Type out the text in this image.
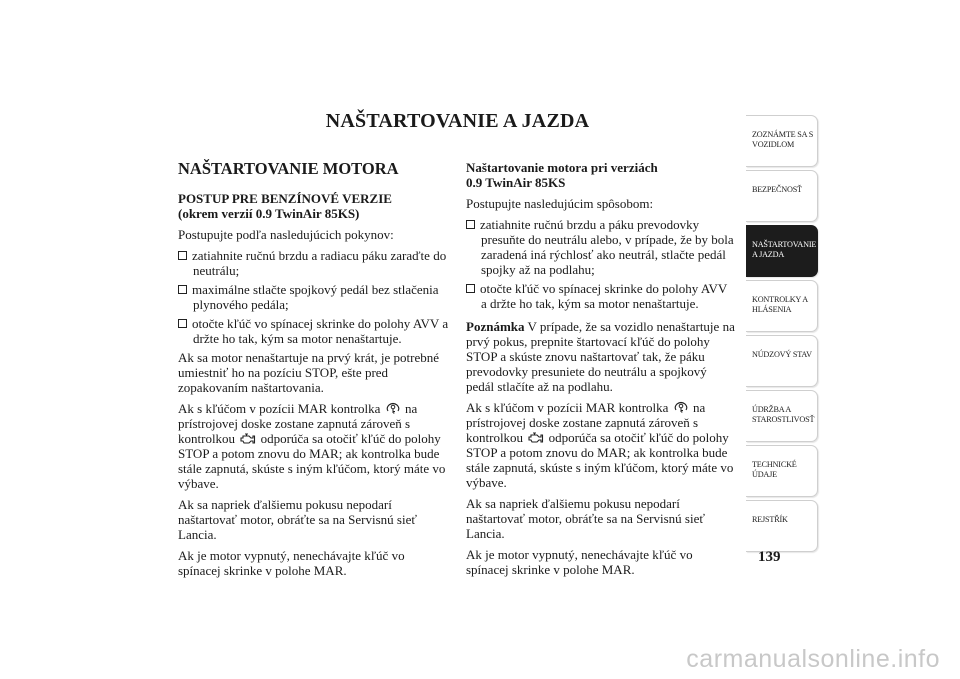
NAŠTARTOVANIE A JAZDA
NAŠTARTOVANIE MOTORA
POSTUP PRE BENZÍNOVÉ VERZIE
(okrem verzií 0.9 TwinAir 85KS)
Postupujte podľa nasledujúcich pokynov:
zatiahnite ručnú brzdu a radiacu páku zaraďte do neutrálu;
maximálne stlačte spojkový pedál bez stlačenia plynového pedála;
otočte kľúč vo spínacej skrinke do polohy AVV a držte ho tak, kým sa motor nenaštartuje.
Ak sa motor nenaštartuje na prvý krát, je potrebné umiestniť ho na pozíciu STOP, ešte pred zopakovaním naštartovania.
Ak s kľúčom v pozícii MAR kontrolka na prístrojovej doske zostane zapnutá zároveň s kontrolkou odporúča sa otočiť kľúč do polohy STOP a potom znovu do MAR; ak kontrolka bude stále zapnutá, skúste s iným kľúčom, ktorý máte vo výbave.
Ak sa napriek ďalšiemu pokusu nepodarí naštartovať motor, obráťte sa na Servisnú sieť Lancia.
Ak je motor vypnutý, nenechávajte kľúč vo spínacej skrinke v polohe MAR.
Naštartovanie motora pri verziách
0.9 TwinAir 85KS
Postupujte nasledujúcim spôsobom:
zatiahnite ručnú brzdu a páku prevodovky presuňte do neutrálu alebo, v prípade, že by bola zaradená iná rýchlosť ako neutrál, stlačte pedál spojky až na podlahu;
otočte kľúč vo spínacej skrinke do polohy AVV a držte ho tak, kým sa motor nenaštartuje.
Poznámka V prípade, že sa vozidlo nenaštartuje na prvý pokus, prepnite štartovací kľúč do polohy STOP a skúste znovu naštartovať tak, že páku prevodovky presuniete do neutrálu a spojkový pedál stlačíte až na podlahu.
Ak s kľúčom v pozícii MAR kontrolka na prístrojovej doske zostane zapnutá zároveň s kontrolkou odporúča sa otočiť kľúč do polohy STOP a potom znovu do MAR; ak kontrolka bude stále zapnutá, skúste s iným kľúčom, ktorý máte vo výbave.
Ak sa napriek ďalšiemu pokusu nepodarí naštartovať motor, obráťte sa na Servisnú sieť Lancia.
Ak je motor vypnutý, nenechávajte kľúč vo spínacej skrinke v polohe MAR.
ZOZNÁMTE SA S VOZIDLOM
BEZPEČNOSŤ
NAŠTARTOVANIE A JAZDA
KONTROLKY A HLÁSENIA
NÚDZOVÝ STAV
ÚDRŽBA A STAROSTLIVOSŤ
TECHNICKÉ ÚDAJE
REJSTŘÍK
139
carmanualsonline.info
